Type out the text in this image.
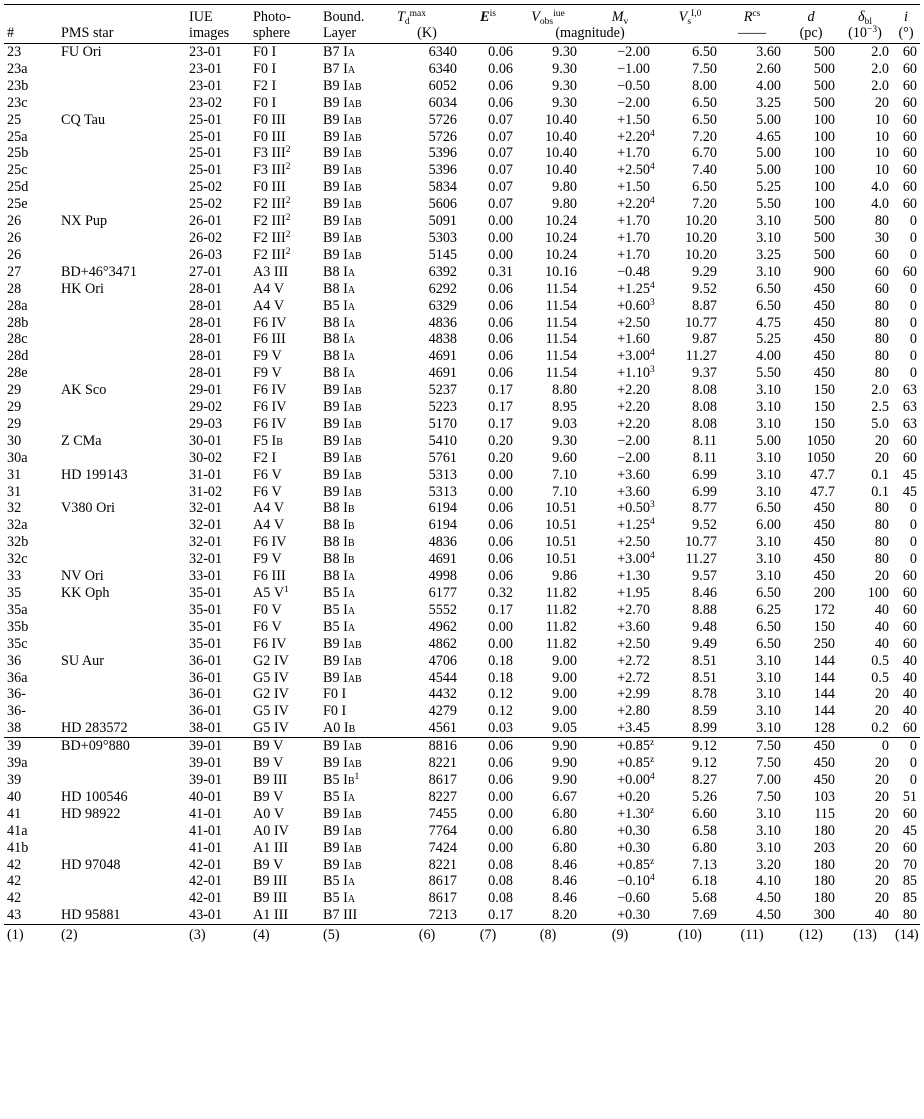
		IUE	Photo-	Bound.	$T_d^{max}$	$E^{is}$	$V_{obs}^{iue}$	$M_v$	$V_s^{I,0}$	$R^{cs}$	d	$\delta_{bl}$	i
#	PMS star	images	sphere	Layer	(K)	(magnitude)				——	(pc)	$(10^{-3})$	(°)
23	FU Ori	23-01	F0 I	B7 Ia	6340	0.06	9.30	−2.00	6.50	3.60	500	2.0	60
23a		23-01	F0 I	B7 Ia	6340	0.06	9.30	−1.00	7.50	2.60	500	2.0	60
23b		23-01	F2 I	B9 Iab	6052	0.06	9.30	−0.50	8.00	4.00	500	2.0	60
23c		23-02	F0 I	B9 Iab	6034	0.06	9.30	−2.00	6.50	3.25	500	20	60
25	CQ Tau	25-01	F0 III	B9 Iab	5726	0.07	10.40	+1.50	6.50	5.00	100	10	60
25a		25-01	F0 III	B9 Iab	5726	0.07	10.40	$+2.20^4$	7.20	4.65	100	10	60
25b		25-01	F3 III$^2$	B9 Iab	5396	0.07	10.40	+1.70	6.70	5.00	100	10	60
25c		25-01	F3 III$^2$	B9 Iab	5396	0.07	10.40	$+2.50^4$	7.40	5.00	100	10	60
25d		25-02	F0 III	B9 Iab	5834	0.07	9.80	+1.50	6.50	5.25	100	4.0	60
25e		25-02	F2 III$^2$	B9 Iab	5606	0.07	9.80	$+2.20^4$	7.20	5.50	100	4.0	60
26	NX Pup	26-01	F2 III$^2$	B9 Iab	5091	0.00	10.24	+1.70	10.20	3.10	500	80	0
26		26-02	F2 III$^2$	B9 Iab	5303	0.00	10.24	+1.70	10.20	3.10	500	30	0
26		26-03	F2 III$^2$	B9 Iab	5145	0.00	10.24	+1.70	10.20	3.25	500	60	0
27	BD+46°3471	27-01	A3 III	B8 Ia	6392	0.31	10.16	−0.48	9.29	3.10	900	60	60
28	HK Ori	28-01	A4 V	B8 Ia	6292	0.06	11.54	$+1.25^4$	9.52	6.50	450	60	0
28a		28-01	A4 V	B5 Ia	6329	0.06	11.54	$+0.60^3$	8.87	6.50	450	80	0
28b		28-01	F6 IV	B8 Ia	4836	0.06	11.54	+2.50	10.77	4.75	450	80	0
28c		28-01	F6 III	B8 Ia	4838	0.06	11.54	+1.60	9.87	5.25	450	80	0
28d		28-01	F9 V	B8 Ia	4691	0.06	11.54	$+3.00^4$	11.27	4.00	450	80	0
28e		28-01	F9 V	B8 Ia	4691	0.06	11.54	$+1.10^3$	9.37	5.50	450	80	0
29	AK Sco	29-01	F6 IV	B9 Iab	5237	0.17	8.80	+2.20	8.08	3.10	150	2.0	63
29		29-02	F6 IV	B9 Iab	5223	0.17	8.95	+2.20	8.08	3.10	150	2.5	63
29		29-03	F6 IV	B9 Iab	5170	0.17	9.03	+2.20	8.08	3.10	150	5.0	63
30	Z CMa	30-01	F5 Ib	B9 Iab	5410	0.20	9.30	−2.00	8.11	5.00	1050	20	60
30a		30-02	F2 I	B9 Iab	5761	0.20	9.60	−2.00	8.11	3.10	1050	20	60
31	HD 199143	31-01	F6 V	B9 Iab	5313	0.00	7.10	+3.60	6.99	3.10	47.7	0.1	45
31		31-02	F6 V	B9 Iab	5313	0.00	7.10	+3.60	6.99	3.10	47.7	0.1	45
32	V380 Ori	32-01	A4 V	B8 Ib	6194	0.06	10.51	$+0.50^3$	8.77	6.50	450	80	0
32a		32-01	A4 V	B8 Ib	6194	0.06	10.51	$+1.25^4$	9.52	6.00	450	80	0
32b		32-01	F6 IV	B8 Ib	4836	0.06	10.51	+2.50	10.77	3.10	450	80	0
32c		32-01	F9 V	B8 Ib	4691	0.06	10.51	$+3.00^4$	11.27	3.10	450	80	0
33	NV Ori	33-01	F6 III	B8 Ia	4998	0.06	9.86	+1.30	9.57	3.10	450	20	60
35	KK Oph	35-01	A5 $V^1$	B5 Ia	6177	0.32	11.82	+1.95	8.46	6.50	200	100	60
35a		35-01	F0 V	B5 Ia	5552	0.17	11.82	+2.70	8.88	6.25	172	40	60
35b		35-01	F6 V	B5 Ia	4962	0.00	11.82	+3.60	9.48	6.50	150	40	60
35c		35-01	F6 IV	B9 Iab	4862	0.00	11.82	+2.50	9.49	6.50	250	40	60
36	SU Aur	36-01	G2 IV	B9 Iab	4706	0.18	9.00	+2.72	8.51	3.10	144	0.5	40
36a		36-01	G5 IV	B9 Iab	4544	0.18	9.00	+2.72	8.51	3.10	144	0.5	40
36-		36-01	G2 IV	F0 I	4432	0.12	9.00	+2.99	8.78	3.10	144	20	40
36-		36-01	G5 IV	F0 I	4279	0.12	9.00	+2.80	8.59	3.10	144	20	40
38	HD 283572	38-01	G5 IV	A0 Ib	4561	0.03	9.05	+3.45	8.99	3.10	128	0.2	60
39	BD+09°880	39-01	B9 V	B9 Iab	8816	0.06	9.90	$+0.85^z$	9.12	7.50	450	0	0
39a		39-01	B9 V	B9 Iab	8221	0.06	9.90	$+0.85^z$	9.12	7.50	450	20	0
39		39-01	B9 III	B5 Ib$^1$	8617	0.06	9.90	$+0.00^4$	8.27	7.00	450	20	0
40	HD 100546	40-01	B9 V	B5 Ia	8227	0.00	6.67	+0.20	5.26	7.50	103	20	51
41	HD 98922	41-01	A0 V	B9 Iab	7455	0.00	6.80	$+1.30^z$	6.60	3.10	115	20	60
41a		41-01	A0 IV	B9 Iab	7764	0.00	6.80	+0.30	6.58	3.10	180	20	45
41b		41-01	A1 III	B9 Iab	7424	0.00	6.80	+0.30	6.80	3.10	203	20	60
42	HD 97048	42-01	B9 V	B9 Iab	8221	0.08	8.46	$+0.85^z$	7.13	3.20	180	20	70
42		42-01	B9 III	B5 Ia	8617	0.08	8.46	$-0.10^4$	6.18	4.10	180	20	85
42		42-01	B9 III	B5 Ia	8617	0.08	8.46	−0.60	5.68	4.50	180	20	85
43	HD 95881	43-01	A1 III	B7 III	7213	0.17	8.20	+0.30	7.69	4.50	300	40	80
(1)	(2)	(3)	(4)	(5)	(6)	(7)	(8)	(9)	(10)	(11)	(12)	(13)	(14)
